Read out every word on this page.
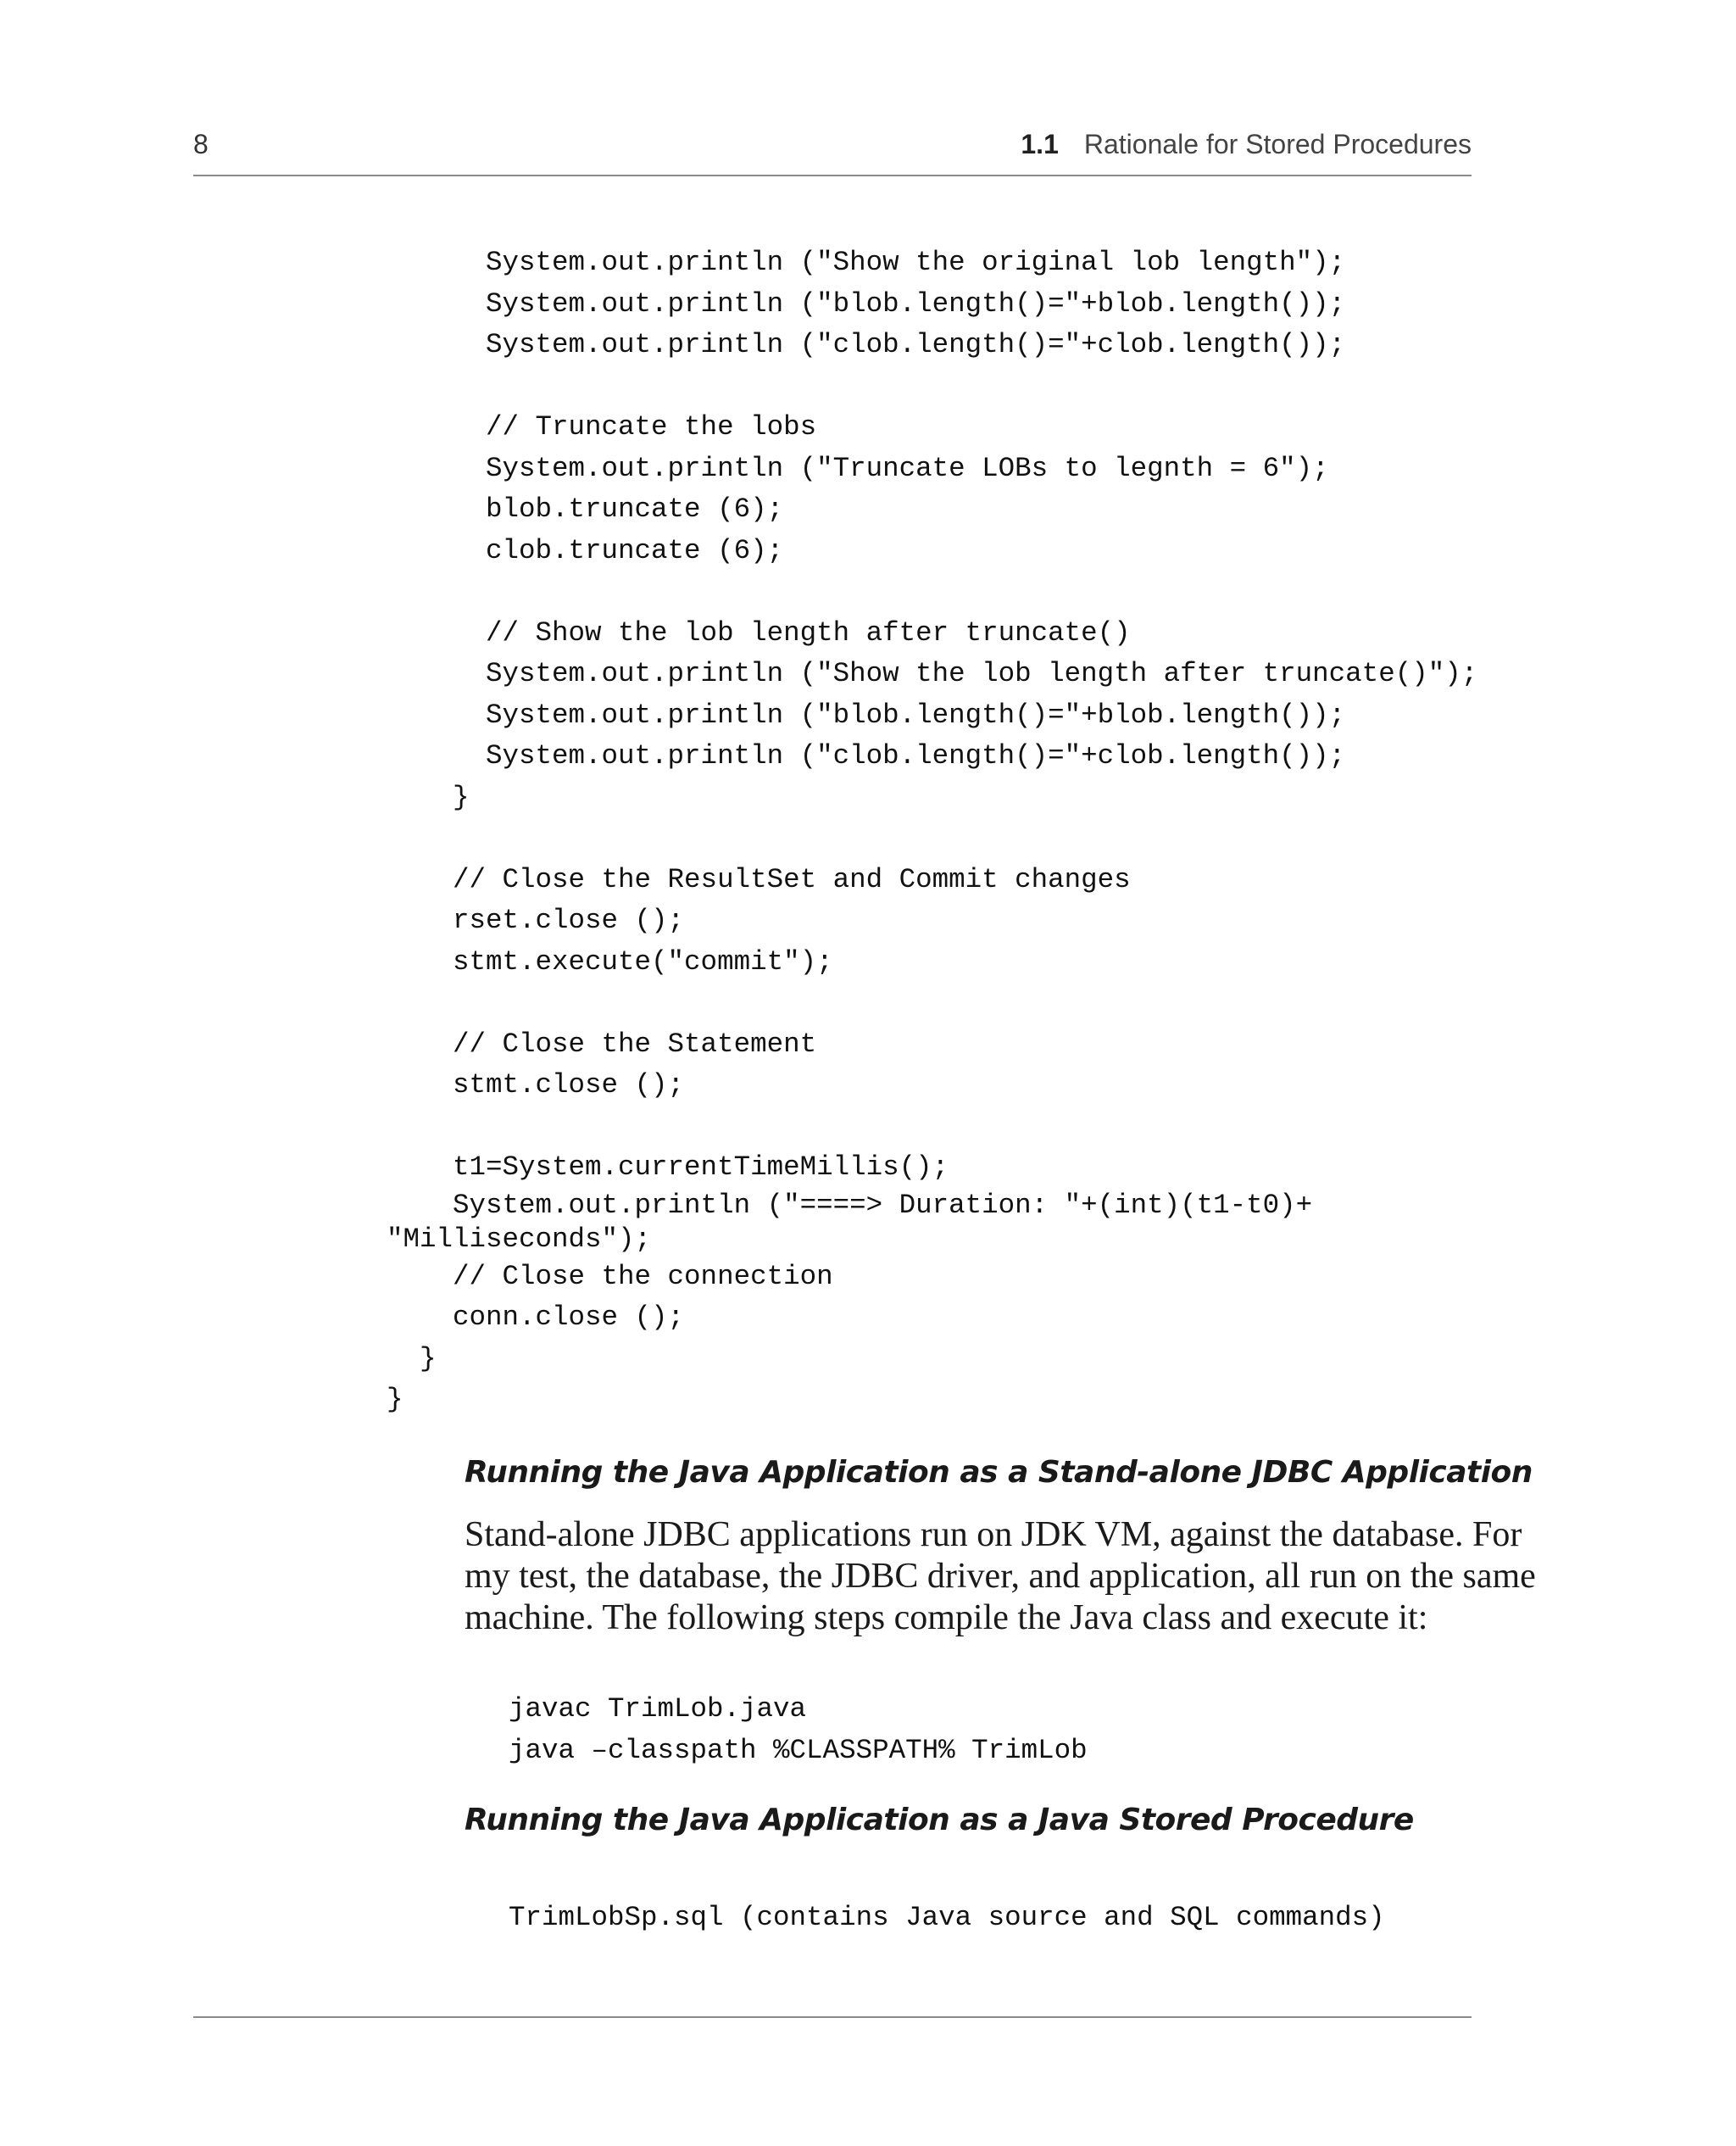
8	1.1 Rationale for Stored Procedures
System.out.println ("Show the original lob length");
System.out.println ("blob.length()="+blob.length());
System.out.println ("clob.length()="+clob.length());
// Truncate the lobs
System.out.println ("Truncate LOBs to legnth = 6");
blob.truncate (6);
clob.truncate (6);
// Show the lob length after truncate()
System.out.println ("Show the lob length after truncate()");
System.out.println ("blob.length()="+blob.length());
System.out.println ("clob.length()="+clob.length());
}
// Close the ResultSet and Commit changes
rset.close ();
stmt.execute("commit");
// Close the Statement
stmt.close ();
t1=System.currentTimeMillis();
System.out.println ("====> Duration: "+(int)(t1-t0)+
"Milliseconds");
// Close the connection
conn.close ();
}
}
Running the Java Application as a Stand-alone JDBC Application
Stand-alone JDBC applications run on JDK VM, against the database. For
my test, the database, the JDBC driver, and application, all run on the same
machine. The following steps compile the Java class and execute it:
javac TrimLob.java
java –classpath %CLASSPATH% TrimLob
Running the Java Application as a Java Stored Procedure
TrimLobSp.sql (contains Java source and SQL commands)
